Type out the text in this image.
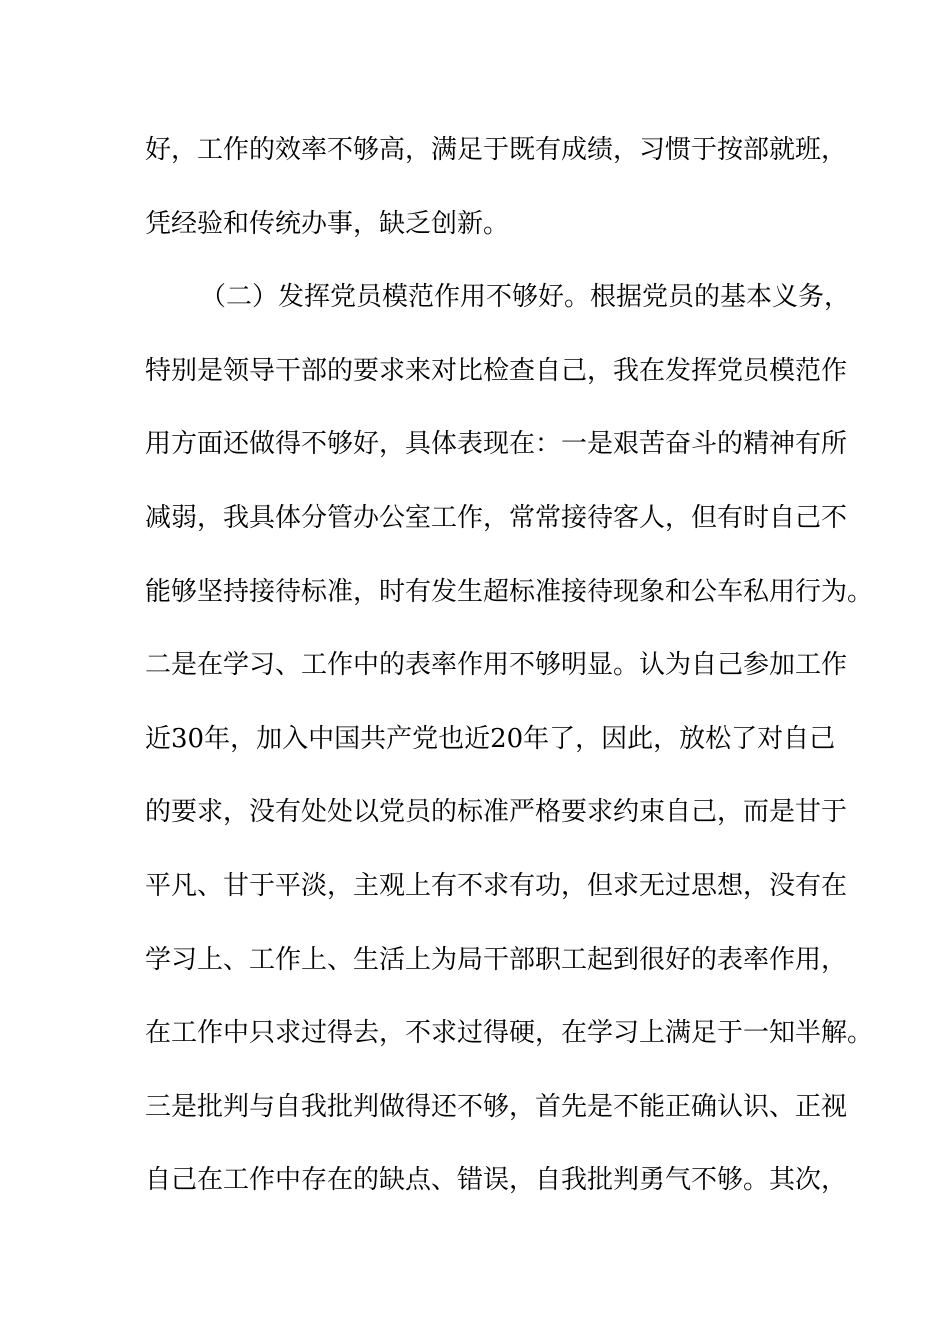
好，工作的效率不够高，满足于既有成绩，习惯于按部就班，
凭经验和传统办事，缺乏创新。
（二）发挥党员模范作用不够好。根据党员的基本义务，
特别是领导干部的要求来对比检查自己，我在发挥党员模范作
用方面还做得不够好，具体表现在：一是艰苦奋斗的精神有所
减弱，我具体分管办公室工作，常常接待客人，但有时自己不
能够坚持接待标准，时有发生超标准接待现象和公车私用行为。
二是在学习、工作中的表率作用不够明显。认为自己参加工作
近30年，加入中国共产党也近20年了，因此，放松了对自己
的要求，没有处处以党员的标准严格要求约束自己，而是甘于
平凡、甘于平淡，主观上有不求有功，但求无过思想，没有在
学习上、工作上、生活上为局干部职工起到很好的表率作用，
在工作中只求过得去，不求过得硬，在学习上满足于一知半解。
三是批判与自我批判做得还不够，首先是不能正确认识、正视
自己在工作中存在的缺点、错误，自我批判勇气不够。其次，
